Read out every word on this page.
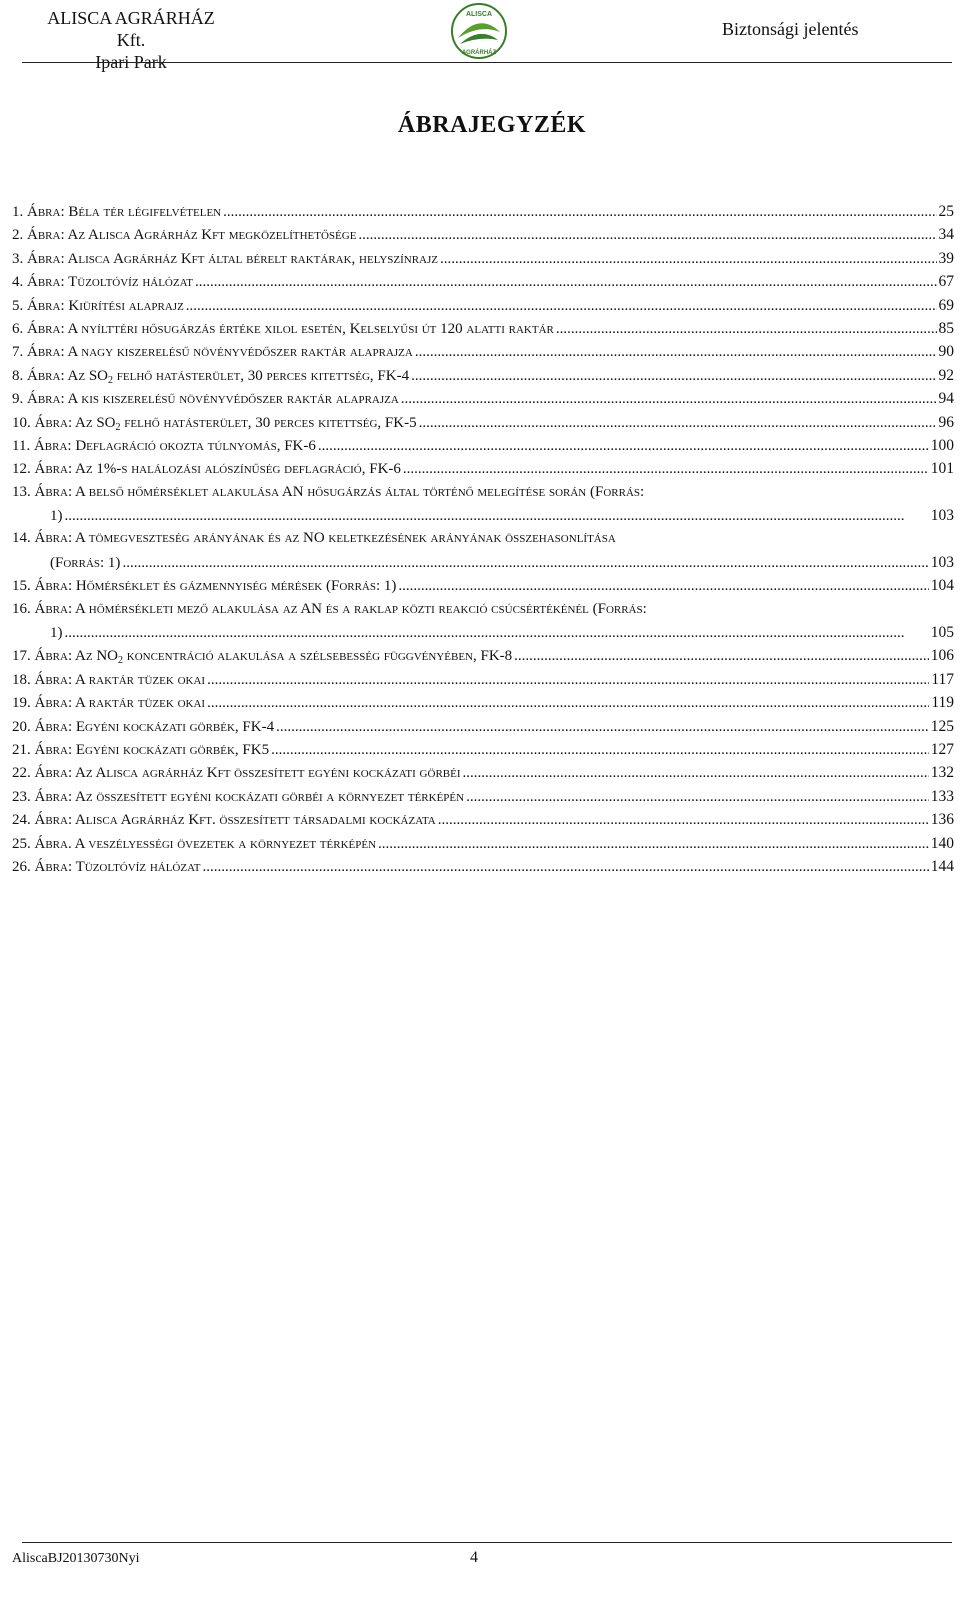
ALISCA AGRÁRHÁZ Kft.
Ipari Park
ALISCA
AGRÁRHÁZ
Biztonsági jelentés
ÁBRAJEGYZÉK
1. Ábra: Béla tér légifelvételen .....	25
2. Ábra: Az Alisca Agrárház Kft megközelíthetősége .....	34
3. Ábra: Alisca Agrárház Kft által bérelt raktárak, helyszínrajz .....	39
4. Ábra: Tüzoltóvíz hálózat .....	67
5. Ábra: Kiürítési alaprajz .....	69
6. Ábra: A nyílttéri hősugárzás értéke xilol esetén, Kelselyűsi út 120 alatti raktár .....	85
7. Ábra: A nagy kiszerelésű növényvédőszer raktár alaprajza .....	90
8. Ábra: Az $SO_2$ felhő hatásterület, 30 perces kitettség, FK-4 .....	92
9. Ábra: A kis kiszerelésű növényvédőszer raktár alaprajza .....	94
10. Ábra: Az $SO_2$ felhő hatásterület, 30 perces kitettség, FK-5 .....	96
11. Ábra: Deflagráció okozta túlnyomás, FK-6 .....	100
12. Ábra: Az 1%-s halálozási alószínűség deflagráció, FK-6 .....	101
13. Ábra: A belső hőmérséklet alakulása AN hősugárzás által történő melegítése során (Forrás:
1) .....	103
14. Ábra: A tömegveszteség arányának és az NO keletkezésének arányának összehasonlítása
(Forrás: 1) .....	103
15. Ábra: Hőmérséklet és gázmennyiség mérések (Forrás: 1) .....	104
16. Ábra: A hőmérsékleti mező alakulása az AN és a raklap közti reakció csúcsértékénél (Forrás:
1) .....	105
17. Ábra: Az $NO_2$ koncentráció alakulása a szélsebesség függvényében, FK-8 .....	106
18. Ábra: A raktár tüzek okai .....	117
19. Ábra: A raktár tüzek okai .....	119
20. Ábra: Egyéni kockázati görbék, FK-4 .....	125
21. Ábra: Egyéni kockázati görbék, FK5 .....	127
22. Ábra: Az Alisca agrárház Kft összesített egyéni kockázati görbéi .....	132
23. Ábra: Az összesített egyéni kockázati görbéi a környezet térképén .....	133
24. Ábra: Alisca Agrárház Kft. összesített társadalmi kockázata .....	136
25. Ábra. A veszélyességi övezetek a környezet térképén .....	140
26. Ábra: Tüzoltóvíz hálózat .....	144
AliscaBJ20130730Nyi	4
